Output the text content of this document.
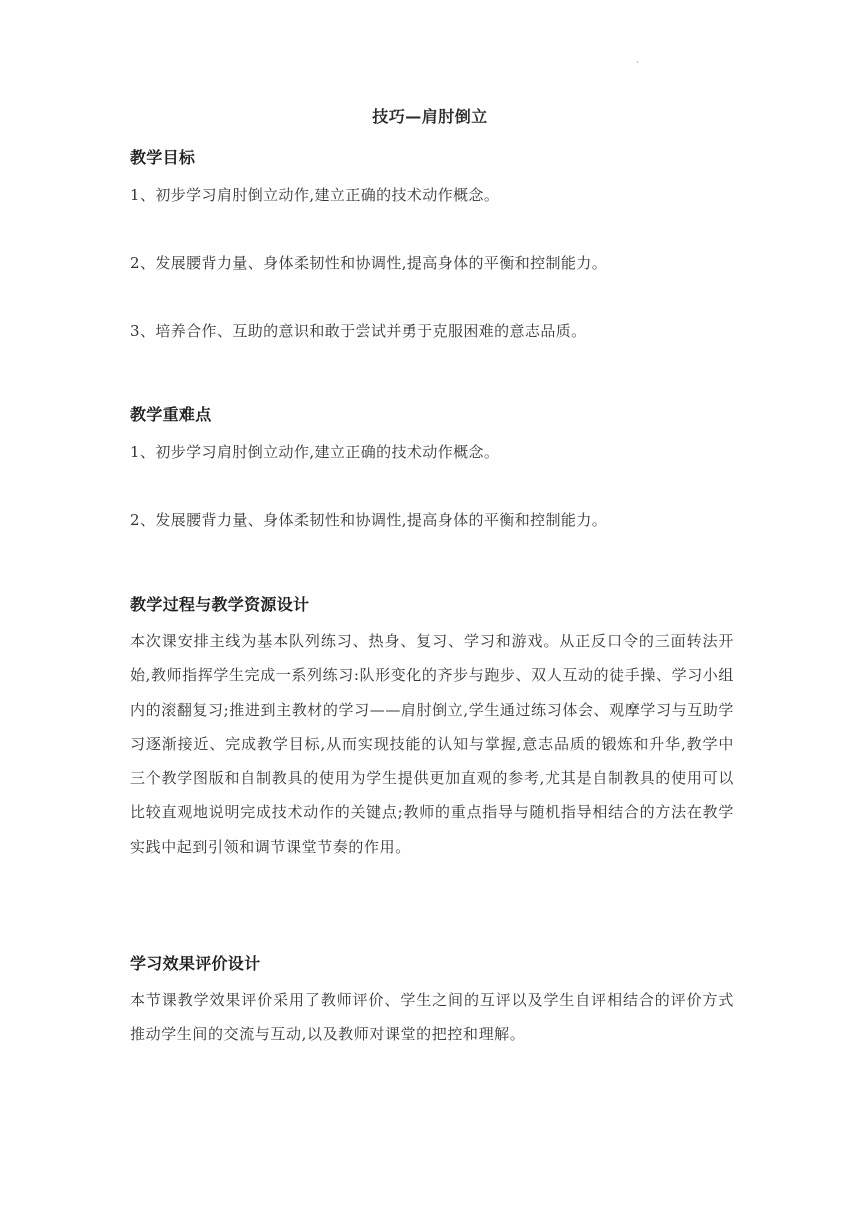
·
技巧—肩肘倒立
教学目标
1、初步学习肩肘倒立动作,建立正确的技术动作概念。
2、发展腰背力量、身体柔韧性和协调性,提高身体的平衡和控制能力。
3、培养合作、互助的意识和敢于尝试并勇于克服困难的意志品质。
教学重难点
1、初步学习肩肘倒立动作,建立正确的技术动作概念。
2、发展腰背力量、身体柔韧性和协调性,提高身体的平衡和控制能力。
教学过程与教学资源设计
本次课安排主线为基本队列练习、热身、复习、学习和游戏。从正反口令的三面转法开始,教师指挥学生完成一系列练习:队形变化的齐步与跑步、双人互动的徒手操、学习小组内的滚翻复习;推进到主教材的学习——肩肘倒立,学生通过练习体会、观摩学习与互助学习逐渐接近、完成教学目标,从而实现技能的认知与掌握,意志品质的锻炼和升华,教学中三个教学图版和自制教具的使用为学生提供更加直观的参考,尤其是自制教具的使用可以比较直观地说明完成技术动作的关键点;教师的重点指导与随机指导相结合的方法在教学实践中起到引领和调节课堂节奏的作用。
学习效果评价设计
本节课教学效果评价采用了教师评价、学生之间的互评以及学生自评相结合的评价方式推动学生间的交流与互动,以及教师对课堂的把控和理解。
